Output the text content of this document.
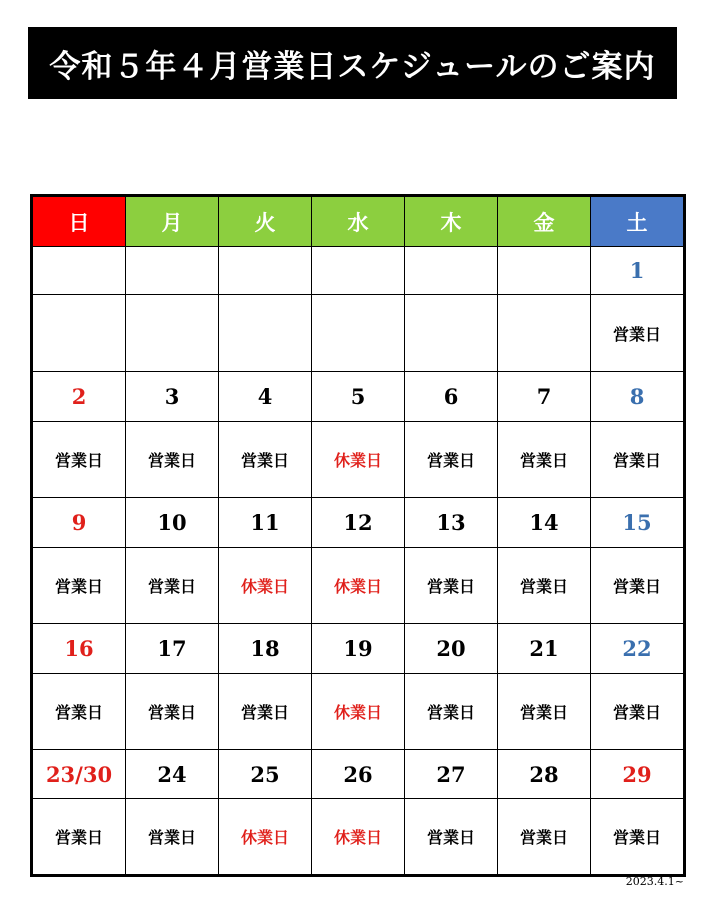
令和５年４月営業日スケジュールのご案内
日	月	火	水	木	金	土
						1
						営業日
2	3	4	5	6	7	8
営業日	営業日	営業日	休業日	営業日	営業日	営業日
9	10	11	12	13	14	15
営業日	営業日	休業日	休業日	営業日	営業日	営業日
16	17	18	19	20	21	22
営業日	営業日	営業日	休業日	営業日	営業日	営業日
23/30	24	25	26	27	28	29
営業日	営業日	休業日	休業日	営業日	営業日	営業日
2023.4.1~
